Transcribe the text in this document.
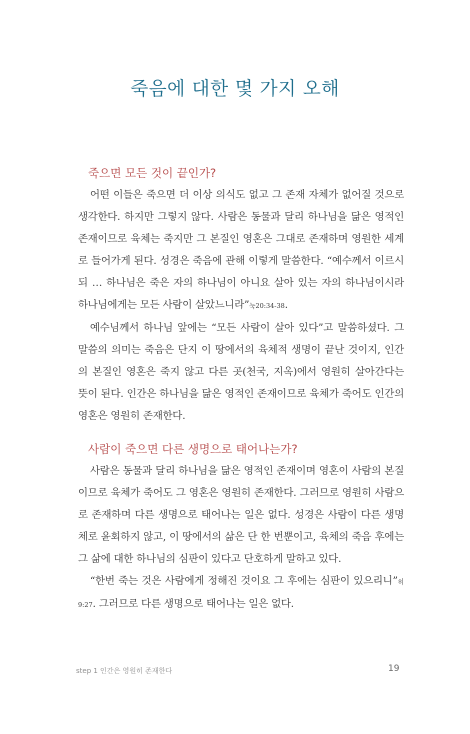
죽음에 대한 몇 가지 오해

죽으면 모든 것이 끝인가?

어떤 이들은 죽으면 더 이상 의식도 없고 그 존재 자체가 없어질 것으로 생각한다. 하지만 그렇지 않다. 사람은 동물과 달리 하나님을 닮은 영적인 존재이므로 육체는 죽지만 그 본질인 영혼은 그대로 존재하며 영원한 세계로 들어가게 된다. 성경은 죽음에 관해 이렇게 말씀한다. “예수께서 이르시되 … 하나님은 죽은 자의 하나님이 아니요 살아 있는 자의 하나님이시라 하나님에게는 모든 사람이 살았느니라”눅20:34-38.

예수님께서 하나님 앞에는 “모든 사람이 살아 있다”고 말씀하셨다. 그 말씀의 의미는 죽음은 단지 이 땅에서의 육체적 생명이 끝난 것이지, 인간의 본질인 영혼은 죽지 않고 다른 곳(천국, 지옥)에서 영원히 살아간다는 뜻이 된다. 인간은 하나님을 닮은 영적인 존재이므로 육체가 죽어도 인간의 영혼은 영원히 존재한다.

사람이 죽으면 다른 생명으로 태어나는가?

사람은 동물과 달리 하나님을 닮은 영적인 존재이며 영혼이 사람의 본질이므로 육체가 죽어도 그 영혼은 영원히 존재한다. 그러므로 영원히 사람으로 존재하며 다른 생명으로 태어나는 일은 없다. 성경은 사람이 다른 생명체로 윤회하지 않고, 이 땅에서의 삶은 단 한 번뿐이고, 육체의 죽음 후에는 그 삶에 대한 하나님의 심판이 있다고 단호하게 말하고 있다.

“한번 죽는 것은 사람에게 정해진 것이요 그 후에는 심판이 있으리니”히9:27. 그러므로 다른 생명으로 태어나는 일은 없다.

step 1 인간은 영원히 존재한다	19
